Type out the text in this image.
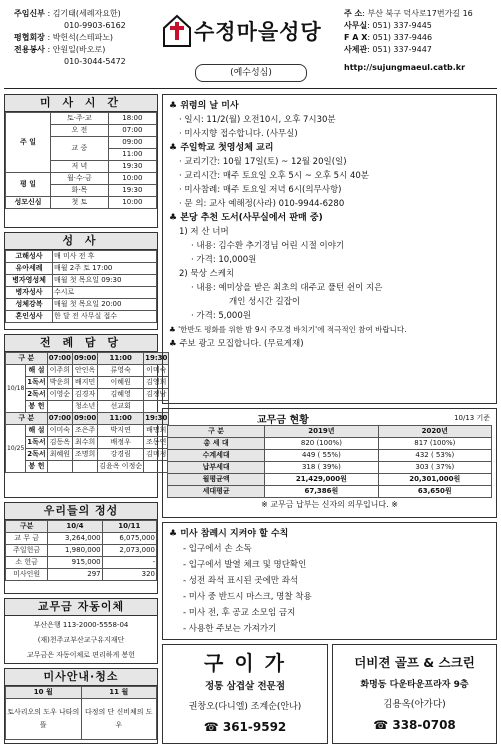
주임신부 : 김기태(세례자요한)
010-9903-6162
평협회장 : 박헌석(스테파노)
전용봉사 : 안원일(바오로)
010-3044-5472
수정마을성당
(예수성심)
주 소: 부산 북구 덕사로17번가길 16
사무실: 051) 337-9445
F A X: 051) 337-9446
사제관: 051) 337-9447
http://sujungmaeul.catb.kr
미 사 시 간
주 일	토·주·교	18:00
	오 전	07:00
	교 중	09:00
		11:00
	저 녁	19:30
평 일	월·수·금	10:00
	화·목	19:30
성모신심	첫 토	10:00
성 사
고해성사	매 미사 전 후
유아세례	매월 2주 토 17:00
병자영성체	매월 첫 목요일 09:30
병자성사	수시로
성체강복	매월 첫 목요일 20:00
혼인성사	한 달 전 사무실 접수
전 례 담 당
구 분		07:00	09:00	11:00	19:30
10/18	해 설	이주희	안인옥	류영숙	이미숙
	1독서	박운희	배지민	이혜원	김영희
	2독서	이영순	김경자	김혜영	김정남
	봉 헌		청소년	선교회	
구 분		07:00	09:00	11:00	19:30
10/25	해 설	이미숙	조은주	박지연	배명희
	1독서	김동옥	최수희	배정우	조동연
	2독서	최혜원	조명희	강경림	김미정
	봉 헌			김윤옥 이정순	
우리들의 정성
구분	10/4	10/11
교 무 금	3,264,000	6,075,000
주일헌금	1,980,000	2,073,000
소 헌금	915,000	-
미사인원	297	320
교무금 자동이체
부산은행 113-2000-5558-04
(재)천주교부산교구유지재단
교무금은 자동이체로 편리하게 봉헌
미사안내·청소
10 월	11 월
토사리오의 도우 나타의 뜰	다정의 단 신비체의 도우

♣ 위령의 날 미사

· 일시: 11/2(월) 오전10시, 오후 7시30분

· 미사지향 접수합니다. (사무실)

♣ 주일학교 첫영성체 교리

· 교리기간: 10월 17일(토) ~ 12월 20일(일)

· 교리시간: 매주 토요일 오후 5시 ~ 오후 5시 40분

· 미사참례: 매주 토요일 저녁 6시(의무사항)

· 문 의: 교사 예해정(사라) 010-9944-6280

♣ 본당 추천 도서(사무실에서 판매 중)

1) 저 산 너머

· 내용: 김수환 추기경님 어린 시절 이야기

· 가격: 10,000원

2) 묵상 스케치

· 내용: 예미상을 받은 최초의 대주교 풀턴 쉰이 지은

개인 성시간 길잡이

· 가격: 5,000원

♣ '한반도 평화를 위한 밤 9시 주모경 바치기'에 적극적인 참여 바랍니다.

♣ 주보 광고 모집합니다. (무료게재)

교무금 현황	10/13 기준
구 분	2019년	2020년
총 세 대	820 (100%)	817 (100%)
수계세대	449 ( 55%)	432 ( 53%)
납부세대	318 ( 39%)	303 ( 37%)
월평균액	21,429,000원	20,301,000원
세대평균	67,386원	63,650원
※ 교무금 납부는 신자의 의무입니다. ※

♣ 미사 참례시 지켜야 할 수칙

- 입구에서 손 소독

- 입구에서 발열 체크 및 명단확인

- 성전 좌석 표시된 곳에만 좌석

- 미사 중 반드시 마스크, 명찰 착용

- 미사 전, 후 공교 소모임 금지

- 사용한 주보는 가져가기

구 이 가
정통 삼겹살 전문점
권창오(다니엘) 조계순(안나)
☎ 361-9592
더비젼 골프 & 스크린
화명동 다운타운프라자 9층
김용옥(아가다)
☎ 338-0708
